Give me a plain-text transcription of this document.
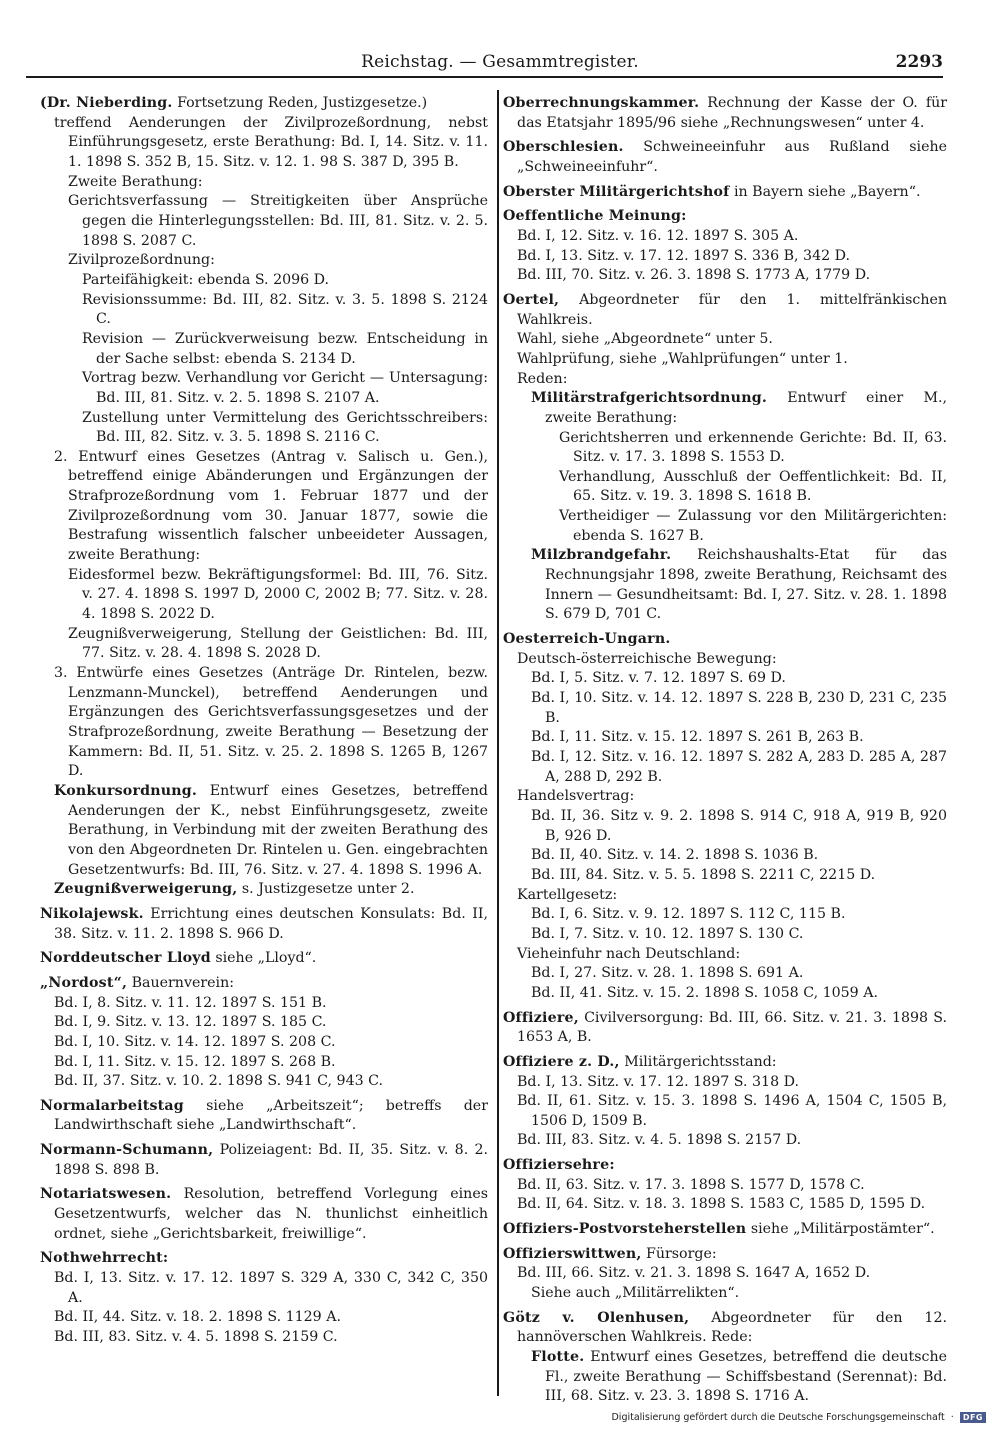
Reichstag. — Gesammtregister.	2293
(Dr. Nieberding. Fortsetzung Reden, Justizgesetze.)
treffend Aenderungen der Zivilprozeßordnung, nebst Einführungsgesetz, erste Berathung: Bd. I, 14. Sitz. v. 11. 1. 1898 S. 352 B, 15. Sitz. v. 12. 1. 98 S. 387 D, 395 B.
Zweite Berathung:
Gerichtsverfassung — Streitigkeiten über Ansprüche gegen die Hinterlegungsstellen: Bd. III, 81. Sitz. v. 2. 5. 1898 S. 2087 C.
Zivilprozeßordnung:
Parteifähigkeit: ebenda S. 2096 D.
Revisionssumme: Bd. III, 82. Sitz. v. 3. 5. 1898 S. 2124 C.
Revision — Zurückverweisung bezw. Entscheidung in der Sache selbst: ebenda S. 2134 D.
Vortrag bezw. Verhandlung vor Gericht — Untersagung: Bd. III, 81. Sitz. v. 2. 5. 1898 S. 2107 A.
Zustellung unter Vermittelung des Gerichtsschreibers: Bd. III, 82. Sitz. v. 3. 5. 1898 S. 2116 C.
2. Entwurf eines Gesetzes (Antrag v. Salisch u. Gen.), betreffend einige Abänderungen und Ergänzungen der Strafprozeßordnung vom 1. Februar 1877 und der Zivilprozeßordnung vom 30. Januar 1877, sowie die Bestrafung wissentlich falscher unbeeideter Aussagen, zweite Berathung:
Eidesformel bezw. Bekräftigungsformel: Bd. III, 76. Sitz. v. 27. 4. 1898 S. 1997 D, 2000 C, 2002 B; 77. Sitz. v. 28. 4. 1898 S. 2022 D.
Zeugnißverweigerung, Stellung der Geistlichen: Bd. III, 77. Sitz. v. 28. 4. 1898 S. 2028 D.
3. Entwürfe eines Gesetzes (Anträge Dr. Rintelen, bezw. Lenzmann-Munckel), betreffend Aenderungen und Ergänzungen des Gerichtsverfassungsgesetzes und der Strafprozeßordnung, zweite Berathung — Besetzung der Kammern: Bd. II, 51. Sitz. v. 25. 2. 1898 S. 1265 B, 1267 D.
Konkursordnung. Entwurf eines Gesetzes, betreffend Aenderungen der K., nebst Einführungsgesetz, zweite Berathung, in Verbindung mit der zweiten Berathung des von den Abgeordneten Dr. Rintelen u. Gen. eingebrachten Gesetzentwurfs: Bd. III, 76. Sitz. v. 27. 4. 1898 S. 1996 A.
Zeugnißverweigerung, s. Justizgesetze unter 2.
Nikolajewsk. Errichtung eines deutschen Konsulats: Bd. II, 38. Sitz. v. 11. 2. 1898 S. 966 D.
Norddeutscher Lloyd siehe „Lloyd“.
„Nordost“, Bauernverein:
Bd. I, 8. Sitz. v. 11. 12. 1897 S. 151 B.
Bd. I, 9. Sitz. v. 13. 12. 1897 S. 185 C.
Bd. I, 10. Sitz. v. 14. 12. 1897 S. 208 C.
Bd. I, 11. Sitz. v. 15. 12. 1897 S. 268 B.
Bd. II, 37. Sitz. v. 10. 2. 1898 S. 941 C, 943 C.
Normalarbeitstag siehe „Arbeitszeit“; betreffs der Landwirthschaft siehe „Landwirthschaft“.
Normann-Schumann, Polizeiagent: Bd. II, 35. Sitz. v. 8. 2. 1898 S. 898 B.
Notariatswesen. Resolution, betreffend Vorlegung eines Gesetzentwurfs, welcher das N. thunlichst einheitlich ordnet, siehe „Gerichtsbarkeit, freiwillige“.
Nothwehrrecht:
Bd. I, 13. Sitz. v. 17. 12. 1897 S. 329 A, 330 C, 342 C, 350 A.
Bd. II, 44. Sitz. v. 18. 2. 1898 S. 1129 A.
Bd. III, 83. Sitz. v. 4. 5. 1898 S. 2159 C.
Oberrechnungskammer. Rechnung der Kasse der O. für das Etatsjahr 1895/96 siehe „Rechnungswesen“ unter 4.
Oberschlesien. Schweineeinfuhr aus Rußland siehe „Schweineeinfuhr“.
Oberster Militärgerichtshof in Bayern siehe „Bayern“.
Oeffentliche Meinung:
Bd. I, 12. Sitz. v. 16. 12. 1897 S. 305 A.
Bd. I, 13. Sitz. v. 17. 12. 1897 S. 336 B, 342 D.
Bd. III, 70. Sitz. v. 26. 3. 1898 S. 1773 A, 1779 D.
Oertel, Abgeordneter für den 1. mittelfränkischen Wahlkreis.
Wahl, siehe „Abgeordnete“ unter 5.
Wahlprüfung, siehe „Wahlprüfungen“ unter 1.
Reden:
Militärstrafgerichtsordnung. Entwurf einer M., zweite Berathung:
Gerichtsherren und erkennende Gerichte: Bd. II, 63. Sitz. v. 17. 3. 1898 S. 1553 D.
Verhandlung, Ausschluß der Oeffentlichkeit: Bd. II, 65. Sitz. v. 19. 3. 1898 S. 1618 B.
Vertheidiger — Zulassung vor den Militärgerichten: ebenda S. 1627 B.
Milzbrandgefahr. Reichshaushalts-Etat für das Rechnungsjahr 1898, zweite Berathung, Reichsamt des Innern — Gesundheitsamt: Bd. I, 27. Sitz. v. 28. 1. 1898 S. 679 D, 701 C.
Oesterreich-Ungarn.
Deutsch-österreichische Bewegung:
Bd. I, 5. Sitz. v. 7. 12. 1897 S. 69 D.
Bd. I, 10. Sitz. v. 14. 12. 1897 S. 228 B, 230 D, 231 C, 235 B.
Bd. I, 11. Sitz. v. 15. 12. 1897 S. 261 B, 263 B.
Bd. I, 12. Sitz. v. 16. 12. 1897 S. 282 A, 283 D. 285 A, 287 A, 288 D, 292 B.
Handelsvertrag:
Bd. II, 36. Sitz v. 9. 2. 1898 S. 914 C, 918 A, 919 B, 920 B, 926 D.
Bd. II, 40. Sitz. v. 14. 2. 1898 S. 1036 B.
Bd. III, 84. Sitz. v. 5. 5. 1898 S. 2211 C, 2215 D.
Kartellgesetz:
Bd. I, 6. Sitz. v. 9. 12. 1897 S. 112 C, 115 B.
Bd. I, 7. Sitz. v. 10. 12. 1897 S. 130 C.
Vieheinfuhr nach Deutschland:
Bd. I, 27. Sitz. v. 28. 1. 1898 S. 691 A.
Bd. II, 41. Sitz. v. 15. 2. 1898 S. 1058 C, 1059 A.
Offiziere, Civilversorgung: Bd. III, 66. Sitz. v. 21. 3. 1898 S. 1653 A, B.
Offiziere z. D., Militärgerichtsstand:
Bd. I, 13. Sitz. v. 17. 12. 1897 S. 318 D.
Bd. II, 61. Sitz. v. 15. 3. 1898 S. 1496 A, 1504 C, 1505 B, 1506 D, 1509 B.
Bd. III, 83. Sitz. v. 4. 5. 1898 S. 2157 D.
Offiziersehre:
Bd. II, 63. Sitz. v. 17. 3. 1898 S. 1577 D, 1578 C.
Bd. II, 64. Sitz. v. 18. 3. 1898 S. 1583 C, 1585 D, 1595 D.
Offiziers-Postvorsteherstellen siehe „Militärpostämter“.
Offizierswittwen, Fürsorge:
Bd. III, 66. Sitz. v. 21. 3. 1898 S. 1647 A, 1652 D.
Siehe auch „Militärrelikten“.
Götz v. Olenhusen, Abgeordneter für den 12. hannöverschen Wahlkreis. Rede:
Flotte. Entwurf eines Gesetzes, betreffend die deutsche Fl., zweite Berathung — Schiffsbestand (Serennat): Bd. III, 68. Sitz. v. 23. 3. 1898 S. 1716 A.
Digitalisierung gefördert durch die Deutsche Forschungsgemeinschaft ·	DFG
